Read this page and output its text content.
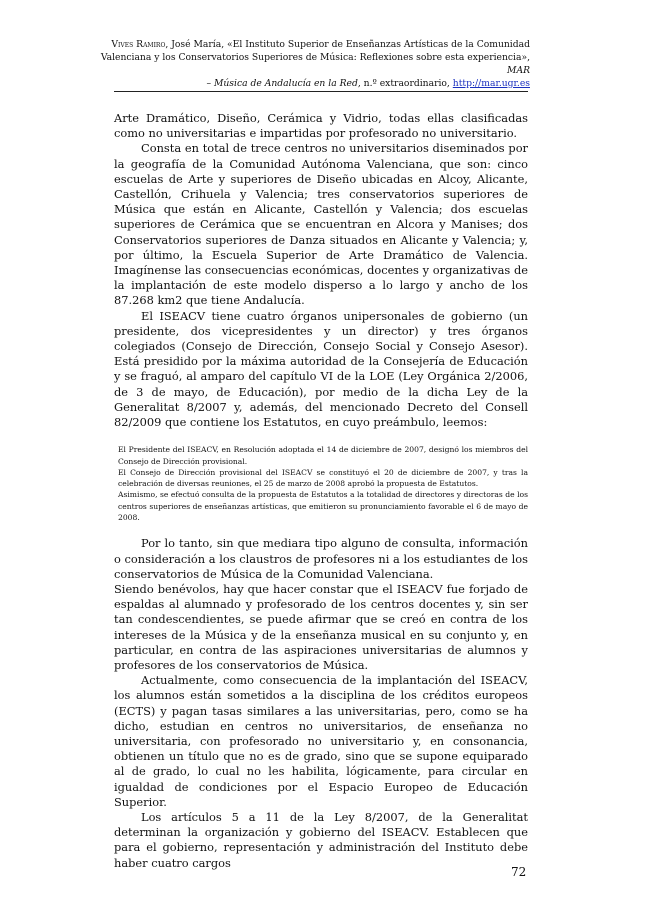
Vives Ramiro, José María, «El Instituto Superior de Enseñanzas Artísticas de la Comunidad Valenciana y los Conservatorios Superiores de Música: Reflexiones sobre esta experiencia», MAR
– Música de Andalucía en la Red, n.º extraordinario, http://mar.ugr.es

Arte Dramático, Diseño, Cerámica y Vidrio, todas ellas clasificadas como no universitarias e impartidas por profesorado no universitario.

Consta en total de trece centros no universitarios diseminados por la geografía de la Comunidad Autónoma Valenciana, que son: cinco escuelas de Arte y superiores de Diseño ubicadas en Alcoy, Alicante, Castellón, Crihuela y Valencia; tres conservatorios superiores de Música que están en Alicante, Castellón y Valencia; dos escuelas superiores de Cerámica que se encuentran en Alcora y Manises; dos Conservatorios superiores de Danza situados en Alicante y Valencia; y, por último, la Escuela Superior de Arte Dramático de Valencia. Imagínense las consecuencias económicas, docentes y organizativas de la implantación de este modelo disperso a lo largo y ancho de los 87.268 km2 que tiene Andalucía.

El ISEACV tiene cuatro órganos unipersonales de gobierno (un presidente, dos vicepresidentes y un director) y tres órganos colegiados (Consejo de Dirección, Consejo Social y Consejo Asesor). Está presidido por la máxima autoridad de la Consejería de Educación y se fraguó, al amparo del capítulo VI de la LOE (Ley Orgánica 2/2006, de 3 de mayo, de Educación), por medio de la dicha Ley de la Generalitat 8/2007 y, además, del mencionado Decreto del Consell 82/2009 que contiene los Estatutos, en cuyo preámbulo, leemos:

El Presidente del ISEACV, en Resolución adoptada el 14 de diciembre de 2007, designó los miembros del Consejo de Dirección provisional.

El Consejo de Dirección provisional del ISEACV se constituyó el 20 de diciembre de 2007, y tras la celebración de diversas reuniones, el 25 de marzo de 2008 aprobó la propuesta de Estatutos.

Asimismo, se efectuó consulta de la propuesta de Estatutos a la totalidad de directores y directoras de los centros superiores de enseñanzas artísticas, que emitieron su pronunciamiento favorable el 6 de mayo de 2008.

Por lo tanto, sin que mediara tipo alguno de consulta, información o consideración a los claustros de profesores ni a los estudiantes de los conservatorios de Música de la Comunidad Valenciana.

Siendo benévolos, hay que hacer constar que el ISEACV fue forjado de espaldas al alumnado y profesorado de los centros docentes y, sin ser tan condescendientes, se puede afirmar que se creó en contra de los intereses de la Música y de la enseñanza musical en su conjunto y, en particular, en contra de las aspiraciones universitarias de alumnos y profesores de los conservatorios de Música.

Actualmente, como consecuencia de la implantación del ISEACV, los alumnos están sometidos a la disciplina de los créditos europeos (ECTS) y pagan tasas similares a las universitarias, pero, como se ha dicho, estudian en centros no universitarios, de enseñanza no universitaria, con profesorado no universitario y, en consonancia, obtienen un título que no es de grado, sino que se supone equiparado al de grado, lo cual no les habilita, lógicamente, para circular en igualdad de condiciones por el Espacio Europeo de Educación Superior.

Los artículos 5 a 11 de la Ley 8/2007, de la Generalitat determinan la organización y gobierno del ISEACV. Establecen que para el gobierno, representación y administración del Instituto debe haber cuatro cargos

72
